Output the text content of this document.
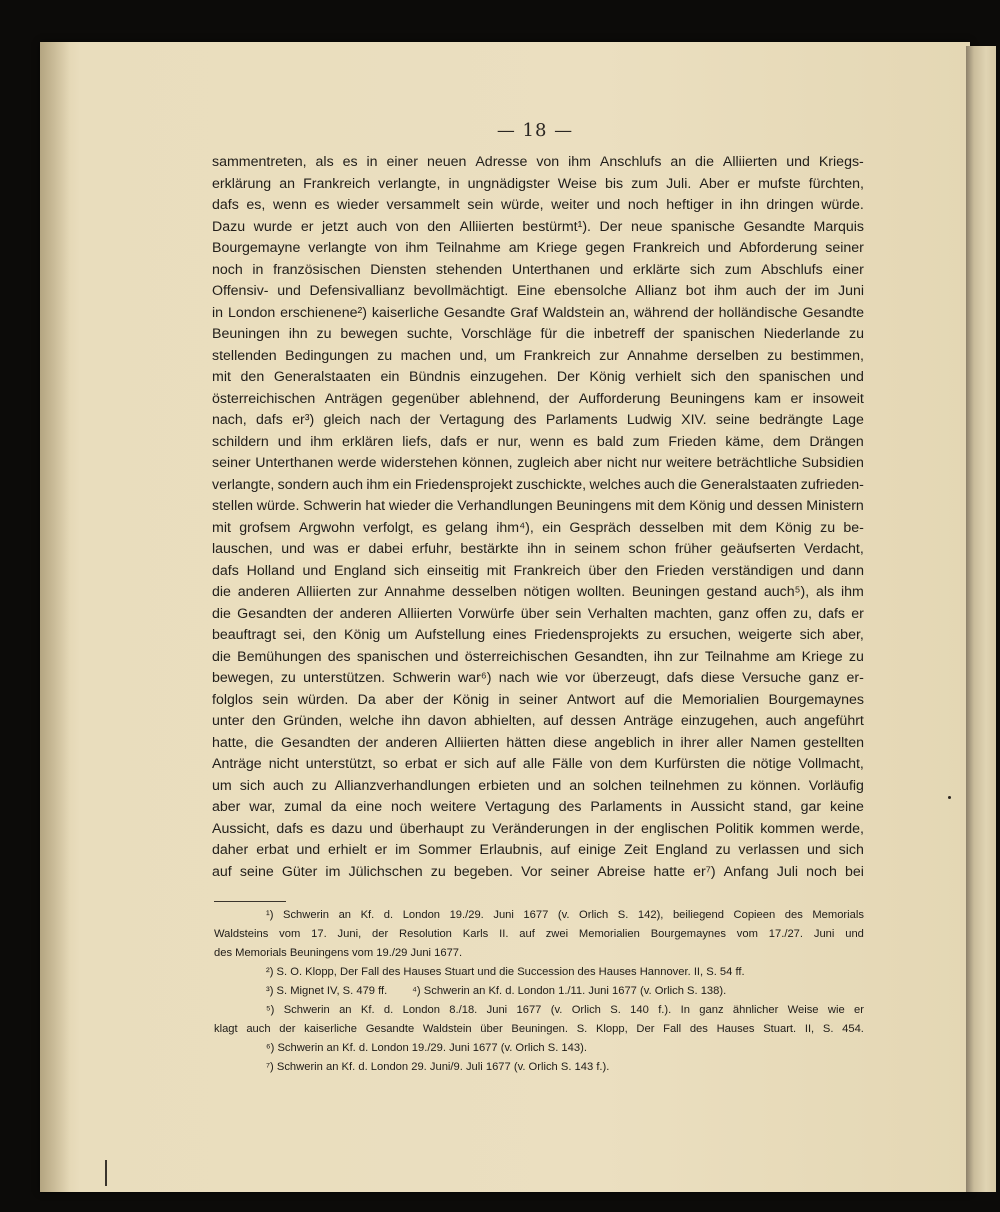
— 18 —
sammentreten, als es in einer neuen Adresse von ihm Anschlufs an die Alliierten und Kriegs-
erklärung an Frankreich verlangte, in ungnädigster Weise bis zum Juli. Aber er mufste fürchten,
dafs es, wenn es wieder versammelt sein würde, weiter und noch heftiger in ihn dringen würde.
Dazu wurde er jetzt auch von den Alliierten bestürmt¹). Der neue spanische Gesandte Marquis
Bourgemayne verlangte von ihm Teilnahme am Kriege gegen Frankreich und Abforderung seiner
noch in französischen Diensten stehenden Unterthanen und erklärte sich zum Abschlufs einer
Offensiv- und Defensivallianz bevollmächtigt. Eine ebensolche Allianz bot ihm auch der im Juni
in London erschienene²) kaiserliche Gesandte Graf Waldstein an, während der holländische Gesandte
Beuningen ihn zu bewegen suchte, Vorschläge für die inbetreff der spanischen Niederlande zu
stellenden Bedingungen zu machen und, um Frankreich zur Annahme derselben zu bestimmen,
mit den Generalstaaten ein Bündnis einzugehen. Der König verhielt sich den spanischen und
österreichischen Anträgen gegenüber ablehnend, der Aufforderung Beuningens kam er insoweit
nach, dafs er³) gleich nach der Vertagung des Parlaments Ludwig XIV. seine bedrängte Lage
schildern und ihm erklären liefs, dafs er nur, wenn es bald zum Frieden käme, dem Drängen
seiner Unterthanen werde widerstehen können, zugleich aber nicht nur weitere beträchtliche Subsidien
verlangte, sondern auch ihm ein Friedensprojekt zuschickte, welches auch die Generalstaaten zufrieden-
stellen würde. Schwerin hat wieder die Verhandlungen Beuningens mit dem König und dessen Ministern
mit grofsem Argwohn verfolgt, es gelang ihm⁴), ein Gespräch desselben mit dem König zu be-
lauschen, und was er dabei erfuhr, bestärkte ihn in seinem schon früher geäufserten Verdacht,
dafs Holland und England sich einseitig mit Frankreich über den Frieden verständigen und dann
die anderen Alliierten zur Annahme desselben nötigen wollten. Beuningen gestand auch⁵), als ihm
die Gesandten der anderen Alliierten Vorwürfe über sein Verhalten machten, ganz offen zu, dafs er
beauftragt sei, den König um Aufstellung eines Friedensprojekts zu ersuchen, weigerte sich aber,
die Bemühungen des spanischen und österreichischen Gesandten, ihn zur Teilnahme am Kriege zu
bewegen, zu unterstützen. Schwerin war⁶) nach wie vor überzeugt, dafs diese Versuche ganz er-
folglos sein würden. Da aber der König in seiner Antwort auf die Memorialien Bourgemaynes
unter den Gründen, welche ihn davon abhielten, auf dessen Anträge einzugehen, auch angeführt
hatte, die Gesandten der anderen Alliierten hätten diese angeblich in ihrer aller Namen gestellten
Anträge nicht unterstützt, so erbat er sich auf alle Fälle von dem Kurfürsten die nötige Vollmacht,
um sich auch zu Allianzverhandlungen erbieten und an solchen teilnehmen zu können. Vorläufig
aber war, zumal da eine noch weitere Vertagung des Parlaments in Aussicht stand, gar keine
Aussicht, dafs es dazu und überhaupt zu Veränderungen in der englischen Politik kommen werde,
daher erbat und erhielt er im Sommer Erlaubnis, auf einige Zeit England zu verlassen und sich
auf seine Güter im Jülichschen zu begeben. Vor seiner Abreise hatte er⁷) Anfang Juli noch bei
¹) Schwerin an Kf. d. London 19./29. Juni 1677 (v. Orlich S. 142), beiliegend Copieen des Memorials
Waldsteins vom 17. Juni, der Resolution Karls II. auf zwei Memorialien Bourgemaynes vom 17./27. Juni und
des Memorials Beuningens vom 19./29 Juni 1677.
²) S. O. Klopp, Der Fall des Hauses Stuart und die Succession des Hauses Hannover. II, S. 54 ff.
³) S. Mignet IV, S. 479 ff.        ⁴) Schwerin an Kf. d. London 1./11. Juni 1677 (v. Orlich S. 138).
⁵) Schwerin an Kf. d. London 8./18. Juni 1677 (v. Orlich S. 140 f.). In ganz ähnlicher Weise wie er
klagt auch der kaiserliche Gesandte Waldstein über Beuningen. S. Klopp, Der Fall des Hauses Stuart. II, S. 454.
⁶) Schwerin an Kf. d. London 19./29. Juni 1677 (v. Orlich S. 143).
⁷) Schwerin an Kf. d. London 29. Juni/9. Juli 1677 (v. Orlich S. 143 f.).
